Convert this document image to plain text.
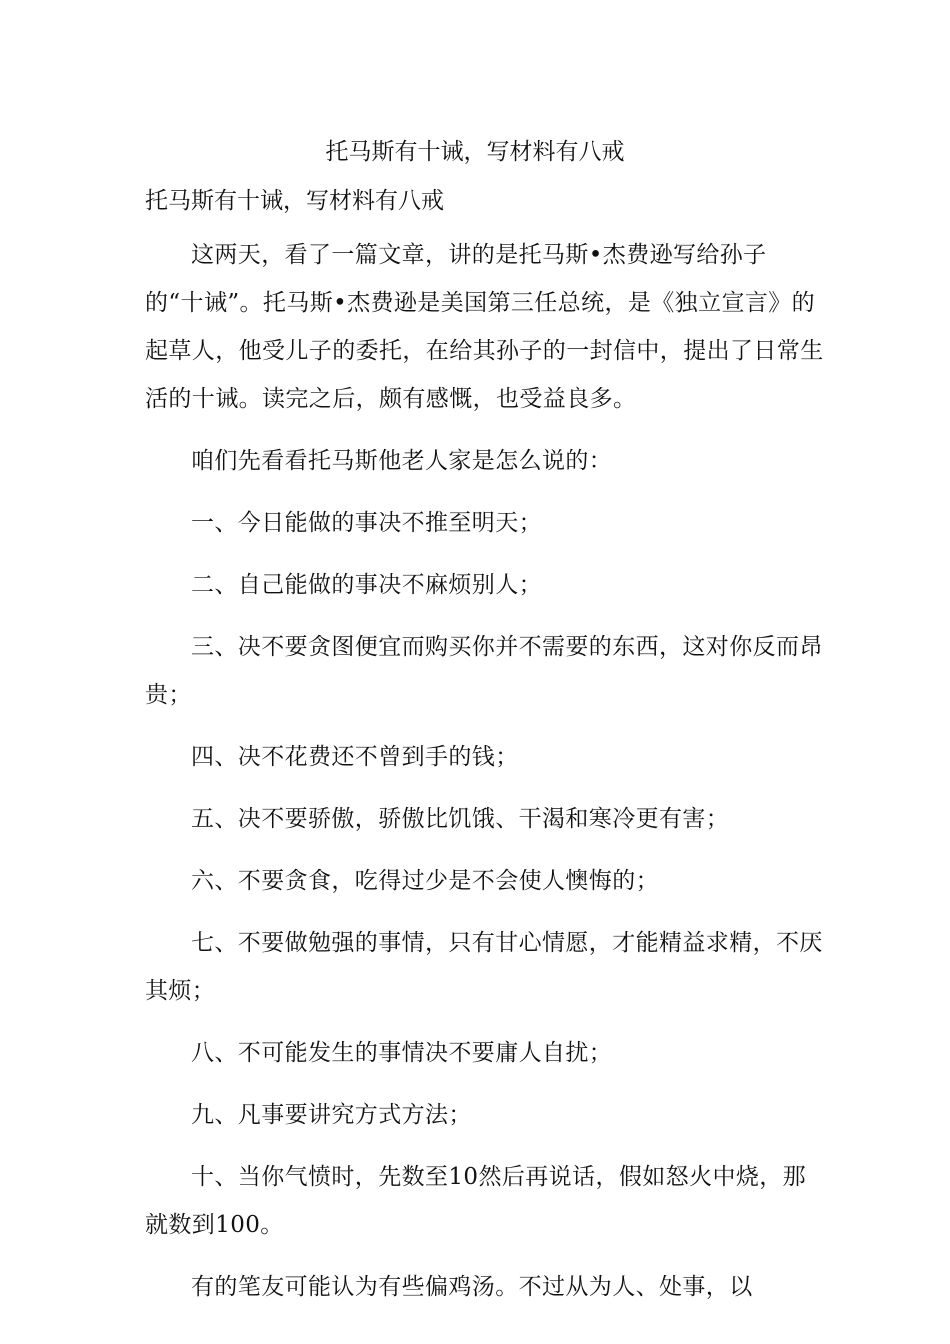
托马斯有十诫，写材料有八戒
托马斯有十诫，写材料有八戒

这两天，看了一篇文章，讲的是托马斯•杰费逊写给孙子的“十诫”。托马斯•杰费逊是美国第三任总统，是《独立宣言》的起草人，他受儿子的委托，在给其孙子的一封信中，提出了日常生活的十诫。读完之后，颇有感慨，也受益良多。

咱们先看看托马斯他老人家是怎么说的：

一、今日能做的事决不推至明天；

二、自己能做的事决不麻烦别人；

三、决不要贪图便宜而购买你并不需要的东西，这对你反而昂贵；

四、决不花费还不曾到手的钱；

五、决不要骄傲，骄傲比饥饿、干渴和寒冷更有害；

六、不要贪食，吃得过少是不会使人懊悔的；

七、不要做勉强的事情，只有甘心情愿，才能精益求精，不厌其烦；

八、不可能发生的事情决不要庸人自扰；

九、凡事要讲究方式方法；

十、当你气愤时，先数至10然后再说话，假如怒火中烧，那就数到100。

有的笔友可能认为有些偏鸡汤。不过从为人、处事，以
